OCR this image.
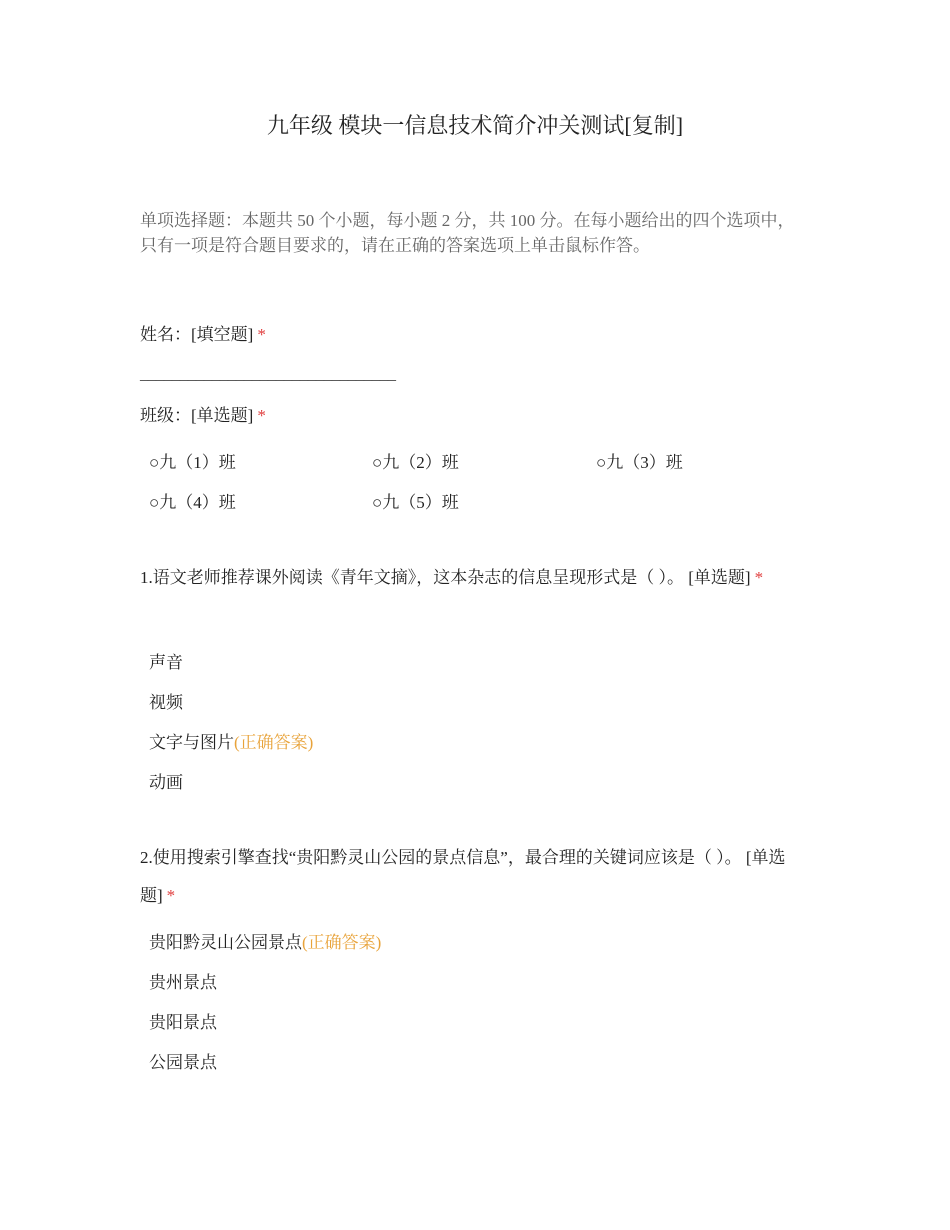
九年级 模块一信息技术简介冲关测试[复制]

单项选择题：本题共 50 个小题，每小题 2 分，共 100 分。在每小题给出的四个选项中，只有一项是符合题目要求的，请在正确的答案选项上单击鼠标作答。

姓名：[填空题] *
________________________________
班级：[单选题] *
○九（1）班	○九（2）班	○九（3）班
○九（4）班	○九（5）班
1.语文老师推荐课外阅读《青年文摘》，这本杂志的信息呈现形式是（ ）。 [单选题] *
声音
视频
文字与图片(正确答案)
动画
2.使用搜索引擎查找“贵阳黔灵山公园的景点信息”，最合理的关键词应该是（ ）。 [单选题] *
贵阳黔灵山公园景点(正确答案)
贵州景点
贵阳景点
公园景点
